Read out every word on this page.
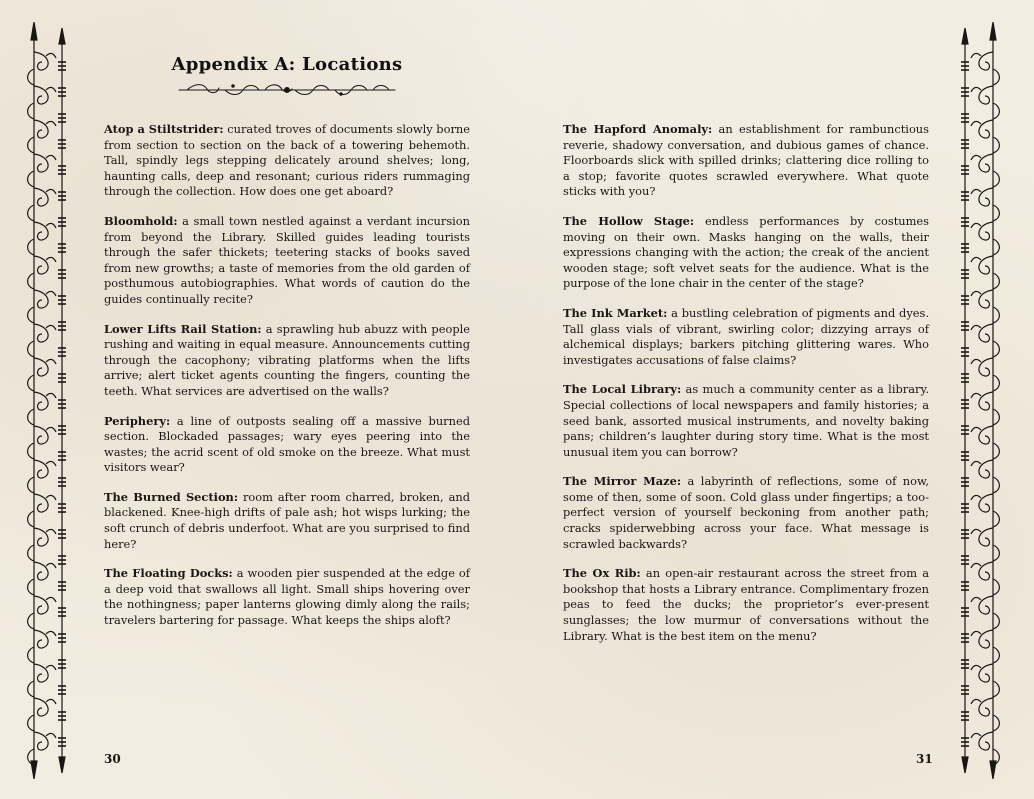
Appendix A: Locations

Atop a Stiltstrider: curated troves of documents slowly borne from section to section on the back of a towering behemoth. Tall, spindly legs stepping delicately around shelves; long, haunting calls, deep and resonant; curious riders rummaging through the collection. How does one get aboard?

Bloomhold: a small town nestled against a verdant incursion from beyond the Library. Skilled guides leading tourists through the safer thickets; teetering stacks of books saved from new growths; a taste of memories from the old garden of posthumous autobiographies. What words of caution do the guides continually recite?

Lower Lifts Rail Station: a sprawling hub abuzz with people rushing and waiting in equal measure. Announcements cutting through the cacophony; vibrating platforms when the lifts arrive; alert ticket agents counting the fingers, counting the teeth. What services are advertised on the walls?

Periphery: a line of outposts sealing off a massive burned section. Blockaded passages; wary eyes peering into the wastes; the acrid scent of old smoke on the breeze. What must visitors wear?

The Burned Section: room after room charred, broken, and blackened. Knee-high drifts of pale ash; hot wisps lurking; the soft crunch of debris underfoot. What are you surprised to find here?

The Floating Docks: a wooden pier suspended at the edge of a deep void that swallows all light. Small ships hovering over the nothingness; paper lanterns glowing dimly along the rails; travelers bartering for passage. What keeps the ships aloft?

The Hapford Anomaly: an establishment for rambunctious reverie, shadowy conversation, and dubious games of chance. Floorboards slick with spilled drinks; clattering dice rolling to a stop; favorite quotes scrawled everywhere. What quote sticks with you?

The Hollow Stage: endless performances by costumes moving on their own. Masks hanging on the walls, their expressions changing with the action; the creak of the ancient wooden stage; soft velvet seats for the audience. What is the purpose of the lone chair in the center of the stage?

The Ink Market: a bustling celebration of pigments and dyes. Tall glass vials of vibrant, swirling color; dizzying arrays of alchemical displays; barkers pitching glittering wares. Who investigates accusations of false claims?

The Local Library: as much a community center as a library. Special collections of local newspapers and family histories; a seed bank, assorted musical instruments, and novelty baking pans; children’s laughter during story time. What is the most unusual item you can borrow?

The Mirror Maze: a labyrinth of reflections, some of now, some of then, some of soon. Cold glass under fingertips; a too-perfect version of yourself beckoning from another path; cracks spiderwebbing across your face. What message is scrawled backwards?

The Ox Rib: an open-air restaurant across the street from a bookshop that hosts a Library entrance. Complimentary frozen peas to feed the ducks; the proprietor’s ever-present sunglasses; the low murmur of conversations without the Library. What is the best item on the menu?

30	31
